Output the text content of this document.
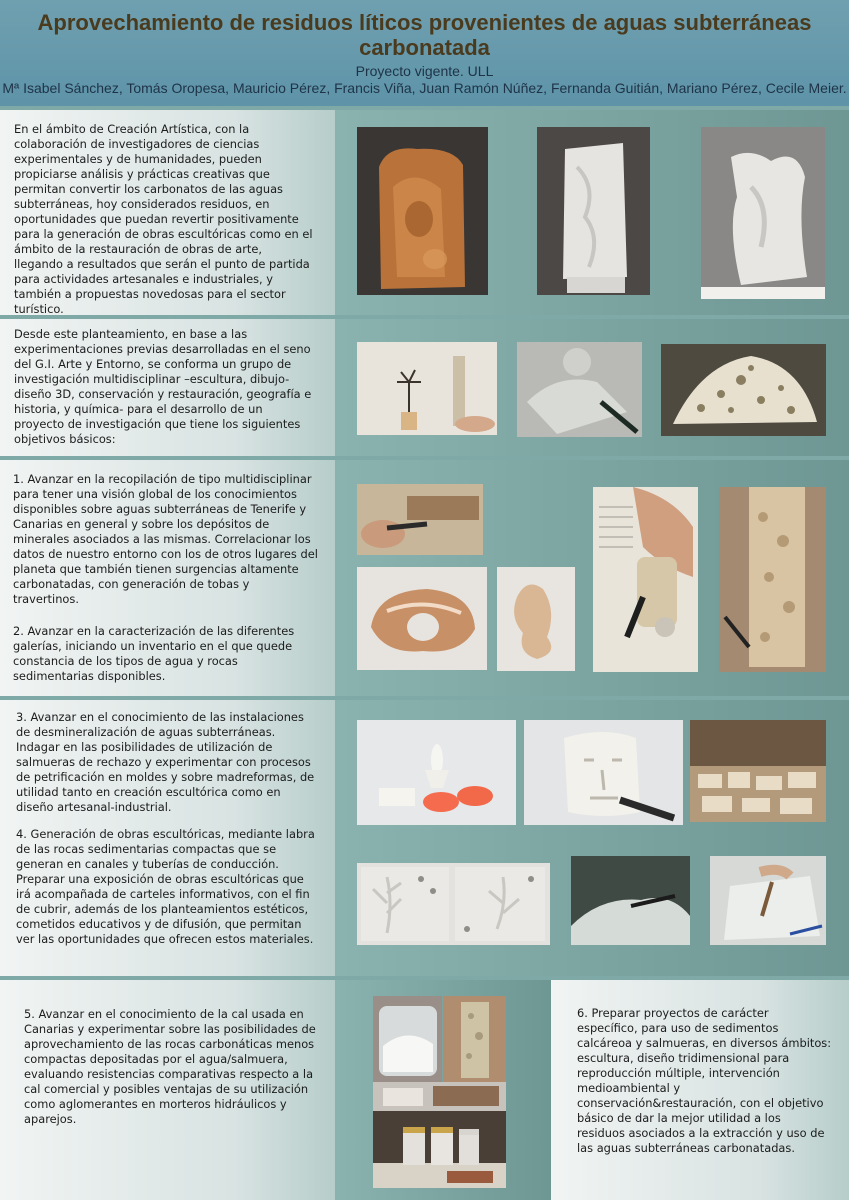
Aprovechamiento de residuos líticos provenientes de aguas subterráneas carbonatada
Proyecto vigente. ULL
Mª Isabel Sánchez, Tomás Oropesa, Mauricio Pérez, Francis Viña, Juan Ramón Núñez, Fernanda Guitián, Mariano Pérez, Cecile Meier.
En el ámbito de Creación Artística, con la colaboración de investigadores de ciencias experimentales y de humanidades, pueden propiciarse análisis y prácticas creativas que permitan convertir los carbonatos de las aguas subterráneas, hoy considerados residuos, en oportunidades que puedan revertir positivamente para la generación de obras escultóricas como en el ámbito de la restauración de obras de arte, llegando a resultados que serán el punto de partida para actividades artesanales e industriales, y también a propuestas novedosas para el sector turístico.
Desde este planteamiento, en base a las experimentaciones previas desarrolladas en el seno del G.I. Arte y Entorno, se conforma un grupo de investigación multidisciplinar –escultura, dibujo-diseño 3D, conservación y restauración, geografía e historia, y química- para el desarrollo de un proyecto de investigación que tiene los siguientes objetivos básicos:
1. Avanzar en la recopilación de tipo multidisciplinar para tener una visión global de los conocimientos disponibles sobre aguas subterráneas de Tenerife y Canarias en general y sobre los depósitos de minerales asociados a las mismas. Correlacionar los datos de nuestro entorno con los de otros lugares del planeta que también tienen surgencias altamente carbonatadas, con generación de tobas y travertinos.
2. Avanzar en la caracterización de las diferentes galerías, iniciando un inventario en el que quede constancia de los tipos de agua y rocas sedimentarias disponibles.
3. Avanzar en el conocimiento de las instalaciones de desmineralización de aguas subterráneas. Indagar en las posibilidades de utilización de salmueras de rechazo y experimentar con procesos de petrificación en moldes y sobre madreformas, de utilidad tanto en creación escultórica como en diseño artesanal-industrial.
4. Generación de obras escultóricas, mediante labra de las rocas sedimentarias compactas que se generan en canales y tuberías de conducción. Preparar una exposición de obras escultóricas que irá acompañada de carteles informativos, con el fin de cubrir, además de los planteamientos estéticos, cometidos educativos y de difusión, que permitan ver las oportunidades que ofrecen estos materiales.
5. Avanzar en el conocimiento de la cal usada en Canarias y experimentar sobre las posibilidades de aprovechamiento de las rocas carbonáticas menos compactas depositadas por el agua/salmuera, evaluando resistencias comparativas respecto a la cal comercial y posibles ventajas de su utilización como aglomerantes en morteros hidráulicos y aparejos.
6. Preparar proyectos de carácter específico, para uso de sedimentos calcáreoa y salmueras, en diversos ámbitos: escultura, diseño tridimensional para reproducción múltiple, intervención medioambiental y conservación&restauración, con el objetivo básico de dar la mejor utilidad a los residuos asociados a la extracción y uso de las aguas subterráneas carbonatadas.
